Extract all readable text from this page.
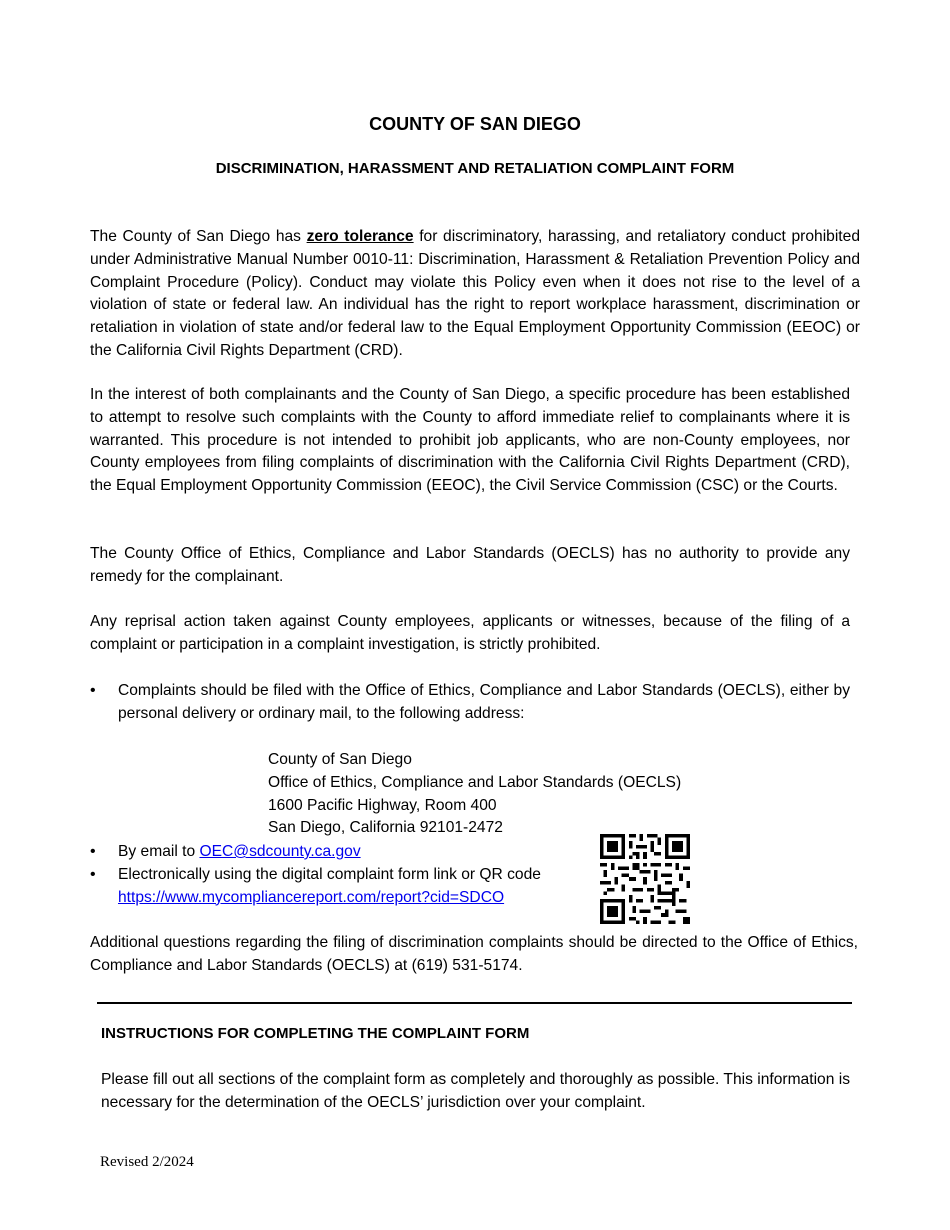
COUNTY OF SAN DIEGO
DISCRIMINATION, HARASSMENT AND RETALIATION COMPLAINT FORM

The County of San Diego has zero tolerance for discriminatory, harassing, and retaliatory conduct prohibited under Administrative Manual Number 0010-11: Discrimination, Harassment & Retaliation Prevention Policy and Complaint Procedure (Policy). Conduct may violate this Policy even when it does not rise to the level of a violation of state or federal law. An individual has the right to report workplace harassment, discrimination or retaliation in violation of state and/or federal law to the Equal Employment Opportunity Commission (EEOC) or the California Civil Rights Department (CRD).

In the interest of both complainants and the County of San Diego, a specific procedure has been established to attempt to resolve such complaints with the County to afford immediate relief to complainants where it is warranted. This procedure is not intended to prohibit job applicants, who are non-County employees, nor County employees from filing complaints of discrimination with the California Civil Rights Department (CRD), the Equal Employment Opportunity Commission (EEOC), the Civil Service Commission (CSC) or the Courts.

The County Office of Ethics, Compliance and Labor Standards (OECLS) has no authority to provide any remedy for the complainant.

Any reprisal action taken against County employees, applicants or witnesses, because of the filing of a complaint or participation in a complaint investigation, is strictly prohibited.

• Complaints should be filed with the Office of Ethics, Compliance and Labor Standards (OECLS), either by personal delivery or ordinary mail, to the following address:
County of San Diego
Office of Ethics, Compliance and Labor Standards (OECLS)
1600 Pacific Highway, Room 400
San Diego, California 92101-2472
• By email to OEC@sdcounty.ca.gov
• Electronically using the digital complaint form link or QR code
https://www.mycompliancereport.com/report?cid=SDCO

Additional questions regarding the filing of discrimination complaints should be directed to the Office of Ethics, Compliance and Labor Standards (OECLS) at (619) 531-5174.

INSTRUCTIONS FOR COMPLETING THE COMPLAINT FORM

Please fill out all sections of the complaint form as completely and thoroughly as possible. This information is necessary for the determination of the OECLS’ jurisdiction over your complaint.

Revised 2/2024
